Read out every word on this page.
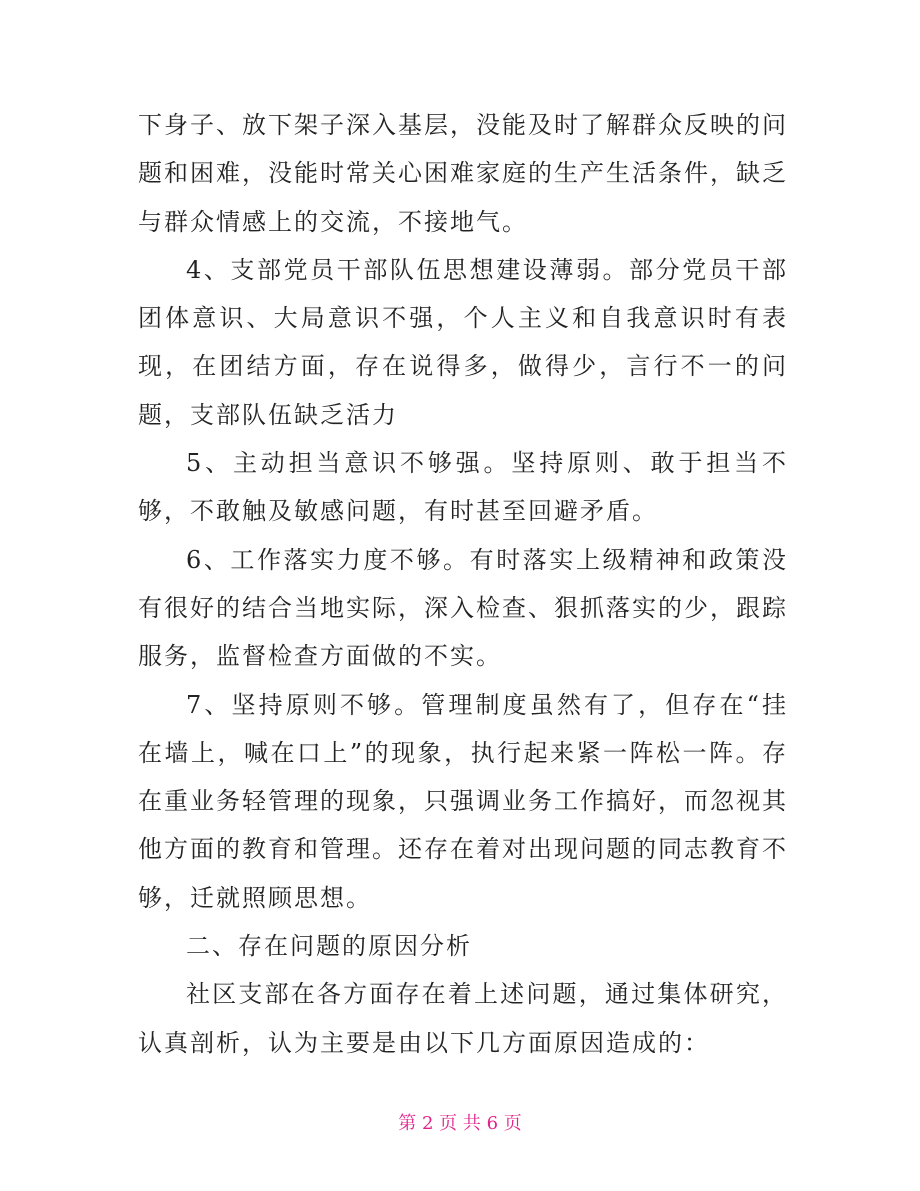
下身子、放下架子深入基层，没能及时了解群众反映的问题和困难，没能时常关心困难家庭的生产生活条件，缺乏与群众情感上的交流，不接地气。

4、支部党员干部队伍思想建设薄弱。部分党员干部团体意识、大局意识不强，个人主义和自我意识时有表现，在团结方面，存在说得多，做得少，言行不一的问题，支部队伍缺乏活力

5、主动担当意识不够强。坚持原则、敢于担当不够，不敢触及敏感问题，有时甚至回避矛盾。

6、工作落实力度不够。有时落实上级精神和政策没有很好的结合当地实际，深入检查、狠抓落实的少，跟踪服务，监督检查方面做的不实。

7、坚持原则不够。管理制度虽然有了，但存在“挂在墙上，喊在口上”的现象，执行起来紧一阵松一阵。存在重业务轻管理的现象，只强调业务工作搞好，而忽视其他方面的教育和管理。还存在着对出现问题的同志教育不够，迁就照顾思想。

二、存在问题的原因分析

社区支部在各方面存在着上述问题，通过集体研究，认真剖析，认为主要是由以下几方面原因造成的：

第 2 页 共 6 页
